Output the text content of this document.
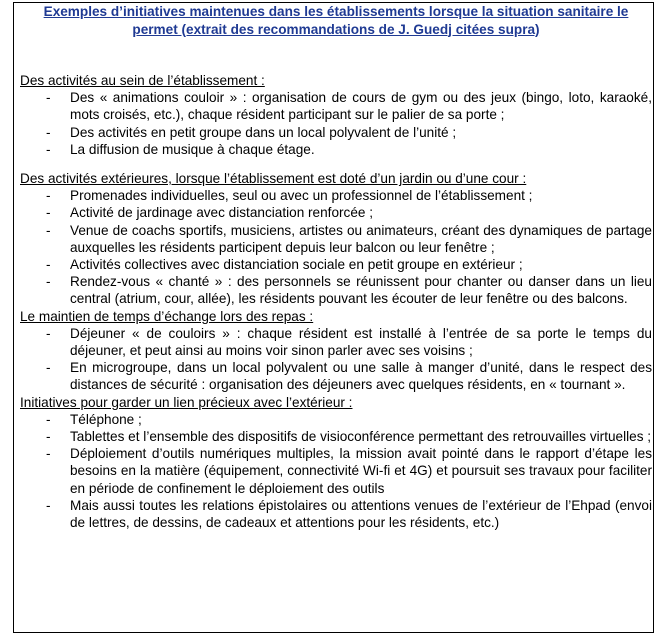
Exemples d’initiatives maintenues dans les établissements lorsque la situation sanitaire le permet (extrait des recommandations de J. Guedj citées supra)

Des activités au sein de l’établissement :

- Des « animations couloir » : organisation de cours de gym ou des jeux (bingo, loto, karaoké, mots croisés, etc.), chaque résident participant sur le palier de sa porte ;
- Des activités en petit groupe dans un local polyvalent de l’unité ;
- La diffusion de musique à chaque étage.

Des activités extérieures, lorsque l’établissement est doté d’un jardin ou d’une cour :

- Promenades individuelles, seul ou avec un professionnel de l’établissement ;
- Activité de jardinage avec distanciation renforcée ;
- Venue de coachs sportifs, musiciens, artistes ou animateurs, créant des dynamiques de partage auxquelles les résidents participent depuis leur balcon ou leur fenêtre ;
- Activités collectives avec distanciation sociale en petit groupe en extérieur ;
- Rendez-vous « chanté » : des personnels se réunissent pour chanter ou danser dans un lieu central (atrium, cour, allée), les résidents pouvant les écouter de leur fenêtre ou des balcons.

Le maintien de temps d’échange lors des repas :

- Déjeuner « de couloirs » : chaque résident est installé à l’entrée de sa porte le temps du déjeuner, et peut ainsi au moins voir sinon parler avec ses voisins ;
- En microgroupe, dans un local polyvalent ou une salle à manger d’unité, dans le respect des distances de sécurité : organisation des déjeuners avec quelques résidents, en « tournant ».

Initiatives pour garder un lien précieux avec l’extérieur :

- Téléphone ;
- Tablettes et l’ensemble des dispositifs de visioconférence permettant des retrouvailles virtuelles ;
- Déploiement d’outils numériques multiples, la mission avait pointé dans le rapport d’étape les besoins en la matière (équipement, connectivité Wi-fi et 4G) et poursuit ses travaux pour faciliter en période de confinement le déploiement des outils
- Mais aussi toutes les relations épistolaires ou attentions venues de l’extérieur de l’Ehpad (envoi de lettres, de dessins, de cadeaux et attentions pour les résidents, etc.)
